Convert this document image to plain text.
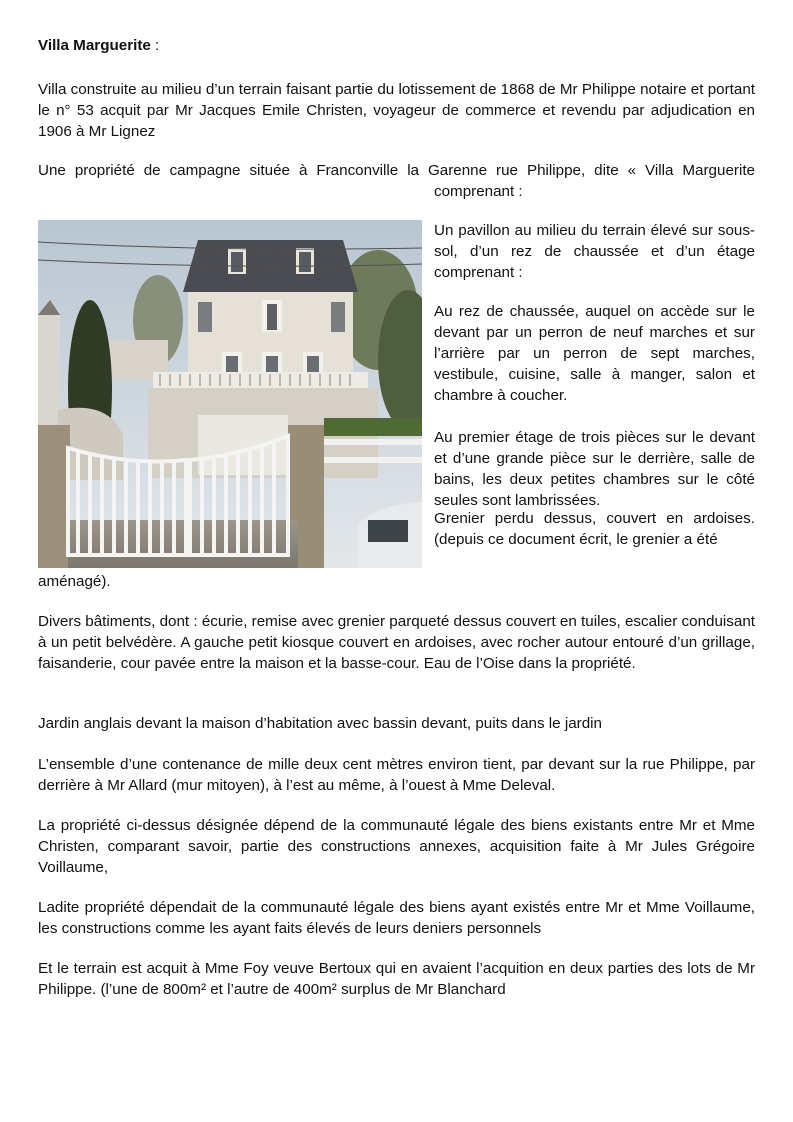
Villa Marguerite :

Villa construite au milieu d’un terrain faisant partie du lotissement de 1868 de Mr Philippe notaire et portant le n° 53 acquit par Mr Jacques Emile Christen, voyageur de commerce et revendu par adjudication en 1906 à Mr Lignez

Une propriété de campagne située à Franconville la Garenne rue Philippe, dite « Villa Marguerite

comprenant :

Un pavillon au milieu du terrain élevé sur sous-sol, d’un rez de chaussée et d’un étage comprenant :

Au rez de chaussée, auquel on accède sur le devant par un perron de neuf marches et sur l’arrière par un perron de sept marches, vestibule, cuisine, salle à manger, salon et chambre à coucher.

Au premier étage de trois pièces sur le devant et d’une grande pièce sur le derrière, salle de bains, les deux petites chambres sur le côté seules sont lambrissées.

Grenier perdu dessus, couvert en ardoises. (depuis ce document écrit, le grenier a été

aménagé).

Divers bâtiments, dont : écurie, remise avec grenier parqueté dessus couvert en tuiles, escalier conduisant à un petit belvédère. A gauche petit kiosque couvert en ardoises, avec rocher autour entouré d’un grillage, faisanderie, cour pavée entre la maison et la basse-cour. Eau de l’Oise dans la propriété.

Jardin anglais devant la maison d’habitation avec bassin devant, puits dans le jardin

L’ensemble d’une contenance de mille deux cent mètres environ tient, par devant sur la rue Philippe, par derrière à Mr Allard (mur mitoyen), à l’est au même, à l’ouest à Mme Deleval.

La propriété ci-dessus désignée dépend de la communauté légale des biens existants entre Mr et Mme Christen, comparant savoir, partie des constructions annexes, acquisition faite à Mr Jules Grégoire Voillaume,

Ladite propriété dépendait de la communauté légale des biens ayant existés entre Mr et Mme Voillaume, les constructions comme les ayant faits élevés de leurs deniers personnels

Et le terrain est acquit à Mme Foy veuve Bertoux qui en avaient l’acquition en deux parties des lots de Mr Philippe. (l’une de 800m² et l’autre de 400m² surplus de Mr Blanchard
